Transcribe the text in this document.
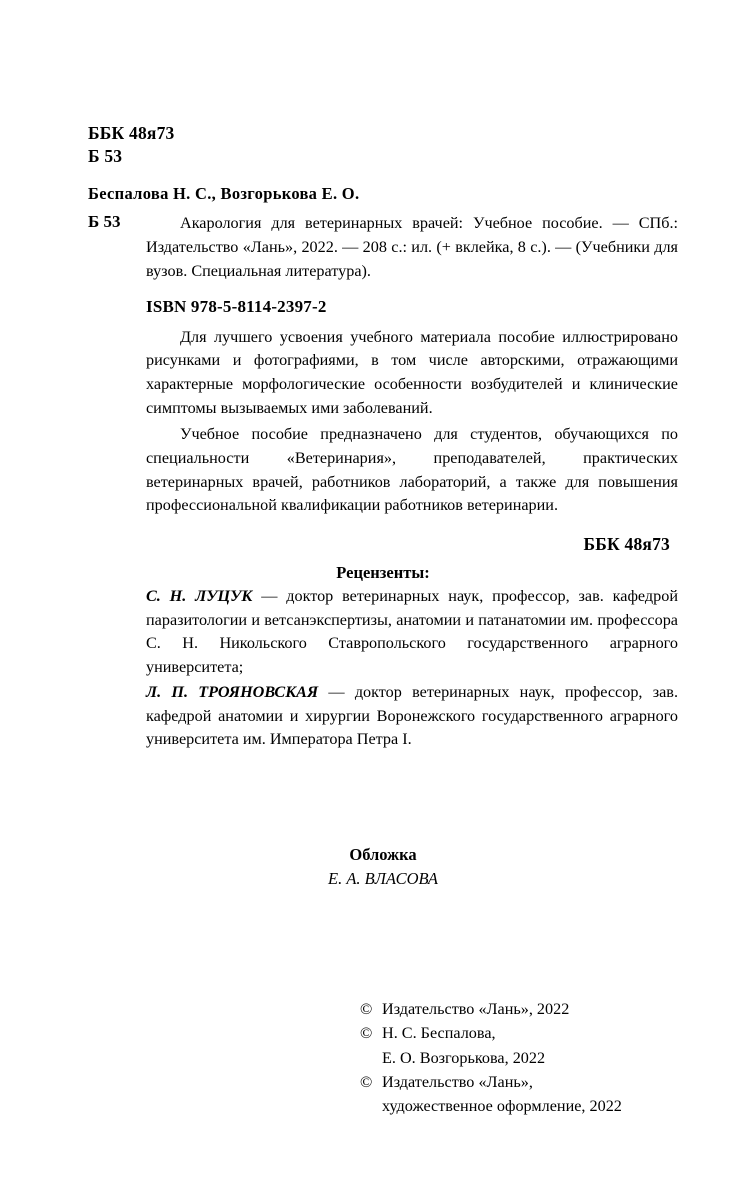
ББК 48я73
Б 53
Беспалова Н. С., Возгорькова Е. О.
Б 53	Акарология для ветеринарных врачей: Учебное пособие. — СПб.: Издательство «Лань», 2022. — 208 с.: ил. (+ вклейка, 8 с.). — (Учебники для вузов. Специальная литература).
ISBN 978-5-8114-2397-2
Для лучшего усвоения учебного материала пособие иллюстрировано рисунками и фотографиями, в том числе авторскими, отражающими характерные морфологические особенности возбудителей и клинические симптомы вызываемых ими заболеваний.
Учебное пособие предназначено для студентов, обучающихся по специальности «Ветеринария», преподавателей, практических ветеринарных врачей, работников лабораторий, а также для повышения профессиональной квалификации работников ветеринарии.
ББК 48я73
Рецензенты:
С. Н. ЛУЦУК — доктор ветеринарных наук, профессор, зав. кафедрой паразитологии и ветсанэкспертизы, анатомии и патанатомии им. профессора С. Н. Никольского Ставропольского государственного аграрного университета;
Л. П. ТРОЯНОВСКАЯ — доктор ветеринарных наук, профессор, зав. кафедрой анатомии и хирургии Воронежского государственного аграрного университета им. Императора Петра I.
Обложка
Е. А. ВЛАСОВА
© Издательство «Лань», 2022
© Н. С. Беспалова,
Е. О. Возгорькова, 2022
© Издательство «Лань»,
художественное оформление, 2022
